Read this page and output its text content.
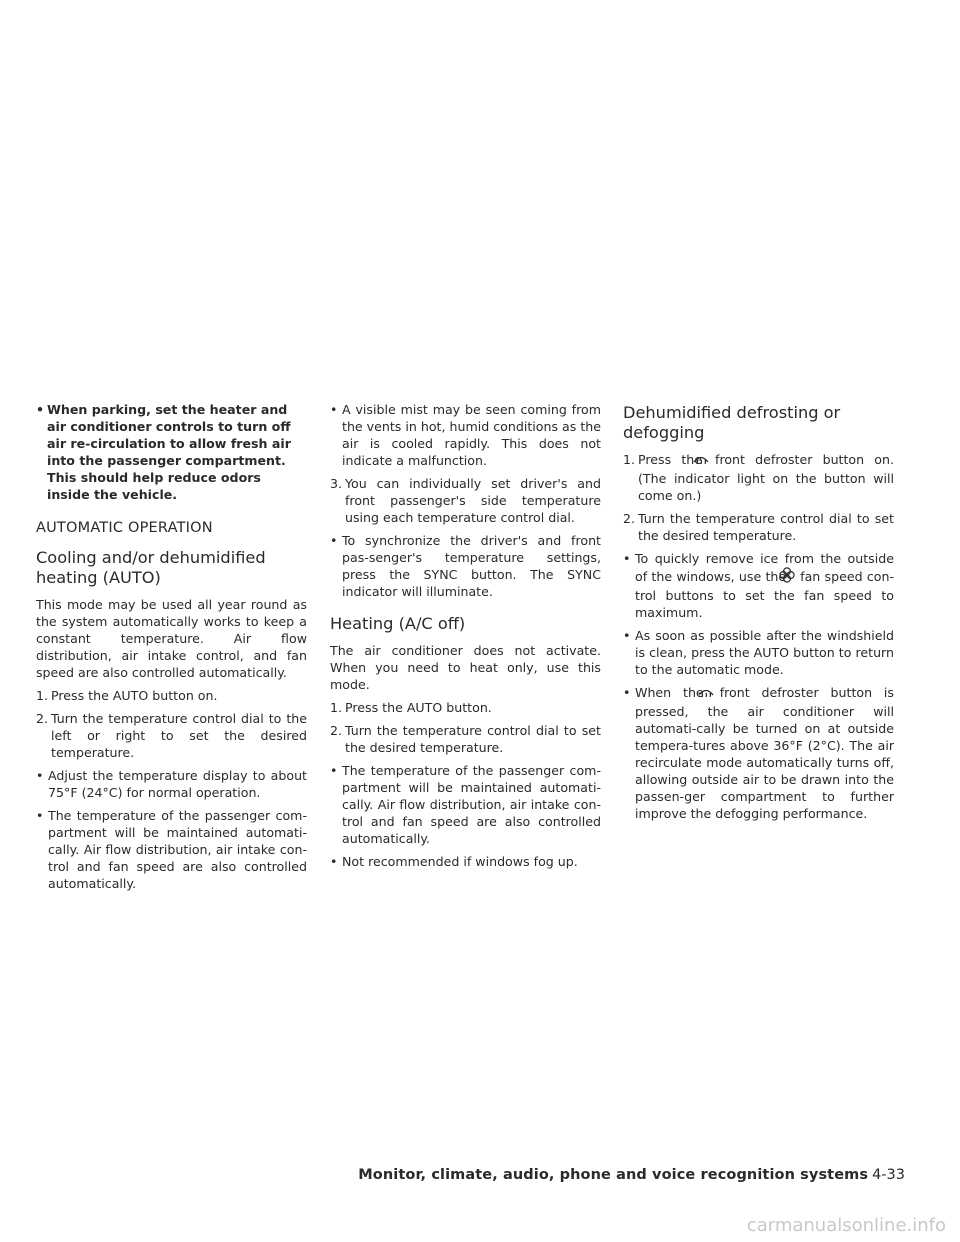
• When parking, set the heater and air conditioner controls to turn off air re-circulation to allow fresh air into the passenger compartment. This should help reduce odors inside the vehicle.
AUTOMATIC OPERATION
Cooling and/or dehumidified heating (AUTO)

This mode may be used all year round as the system automatically works to keep a constant temperature. Air flow distribution, air intake control, and fan speed are also controlled automatically.

1. Press the AUTO button on.
2. Turn the temperature control dial to the left or right to set the desired temperature.
• Adjust the temperature display to about 75°F (24°C) for normal operation.
• The temperature of the passenger com-partment will be maintained automati-cally. Air flow distribution, air intake con-trol and fan speed are also controlled automatically.
• A visible mist may be seen coming from the vents in hot, humid conditions as the air is cooled rapidly. This does not indicate a malfunction.
3. You can individually set driver's and front passenger's side temperature using each temperature control dial.
• To synchronize the driver's and front pas-senger's temperature settings, press the SYNC button. The SYNC indicator will illuminate.
Heating (A/C off)

The air conditioner does not activate. When you need to heat only, use this mode.

1. Press the AUTO button.
2. Turn the temperature control dial to set the desired temperature.
• The temperature of the passenger com-partment will be maintained automati-cally. Air flow distribution, air intake con-trol and fan speed are also controlled automatically.
• Not recommended if windows fog up.
Dehumidified defrosting or defogging
1. Press the front defroster button on. (The indicator light on the button will come on.)
2. Turn the temperature control dial to set the desired temperature.
• To quickly remove ice from the outside of the windows, use the fan speed con-trol buttons to set the fan speed to maximum.
• As soon as possible after the windshield is clean, press the AUTO button to return to the automatic mode.
• When the front defroster button is pressed, the air conditioner will automati-cally be turned on at outside tempera-tures above 36°F (2°C). The air recirculate mode automatically turns off, allowing outside air to be drawn into the passen-ger compartment to further improve the defogging performance.
Monitor, climate, audio, phone and voice recognition systems 4-33
carmanualsonline.info
